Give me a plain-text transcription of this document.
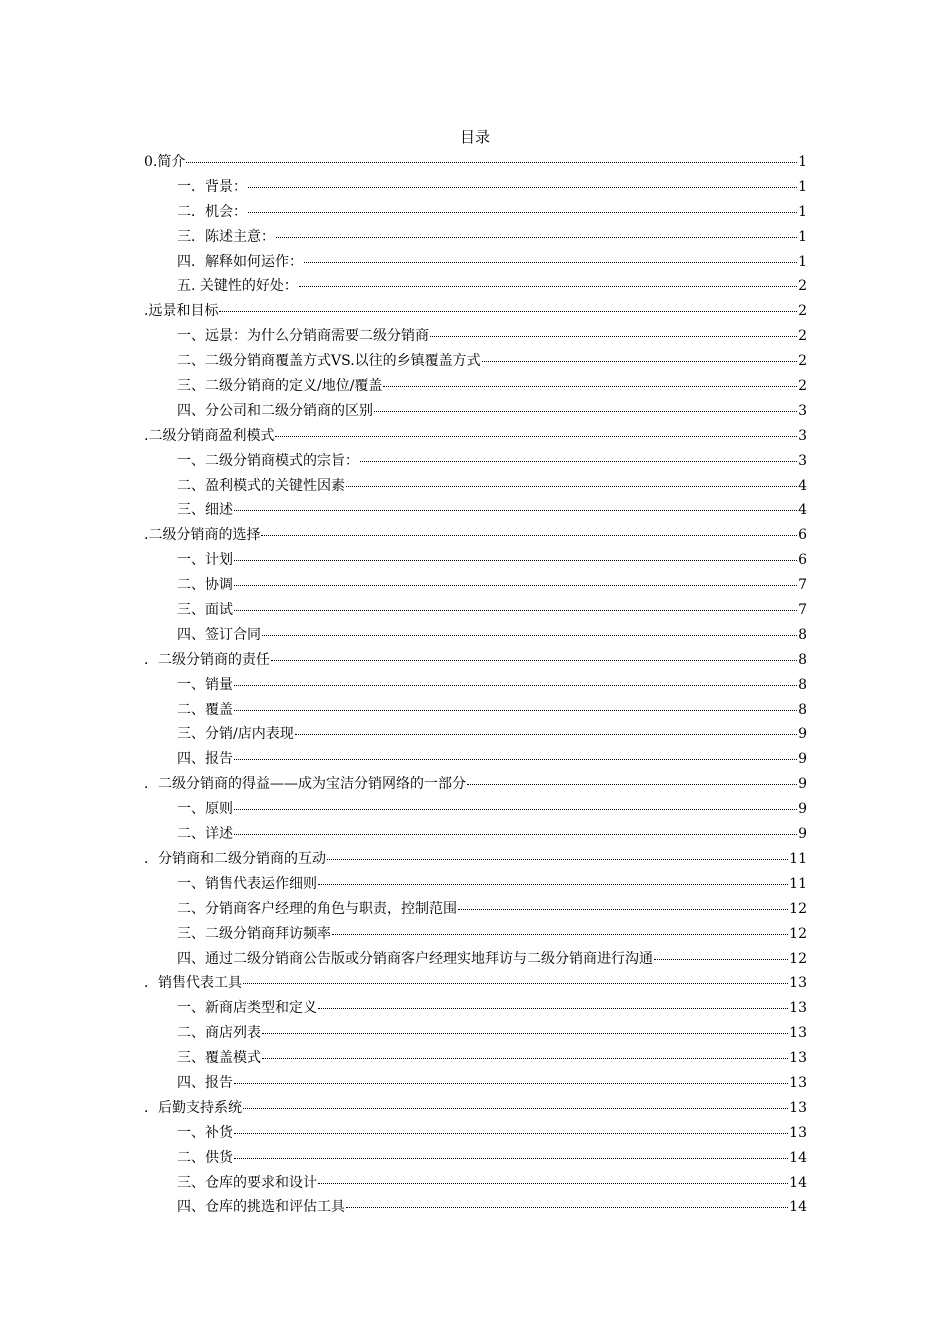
目录
0.简介	1
一．背景：	1
二．机会：	1
三．陈述主意：	1
四．解释如何运作：	1
五. 关键性的好处：	2
.远景和目标	2
一、远景：为什么分销商需要二级分销商	2
二、二级分销商覆盖方式VS.以往的乡镇覆盖方式	2
三、二级分销商的定义/地位/覆盖	2
四、分公司和二级分销商的区别	3
.二级分销商盈利模式	3
一、二级分销商模式的宗旨：	3
二、盈利模式的关键性因素	4
三、细述	4
.二级分销商的选择	6
一、计划	6
二、协调	7
三、面试	7
四、签订合同	8
．二级分销商的责任	8
一、销量	8
二、覆盖	8
三、分销/店内表现	9
四、报告	9
．二级分销商的得益——成为宝洁分销网络的一部分	9
一、原则	9
二、详述	9
．分销商和二级分销商的互动	11
一、销售代表运作细则	11
二、分销商客户经理的角色与职责，控制范围	12
三、二级分销商拜访频率	12
四、通过二级分销商公告版或分销商客户经理实地拜访与二级分销商进行沟通	12
．销售代表工具	13
一、新商店类型和定义	13
二、商店列表	13
三、覆盖模式	13
四、报告	13
．后勤支持系统	13
一、补货	13
二、供货	14
三、仓库的要求和设计	14
四、仓库的挑选和评估工具	14
